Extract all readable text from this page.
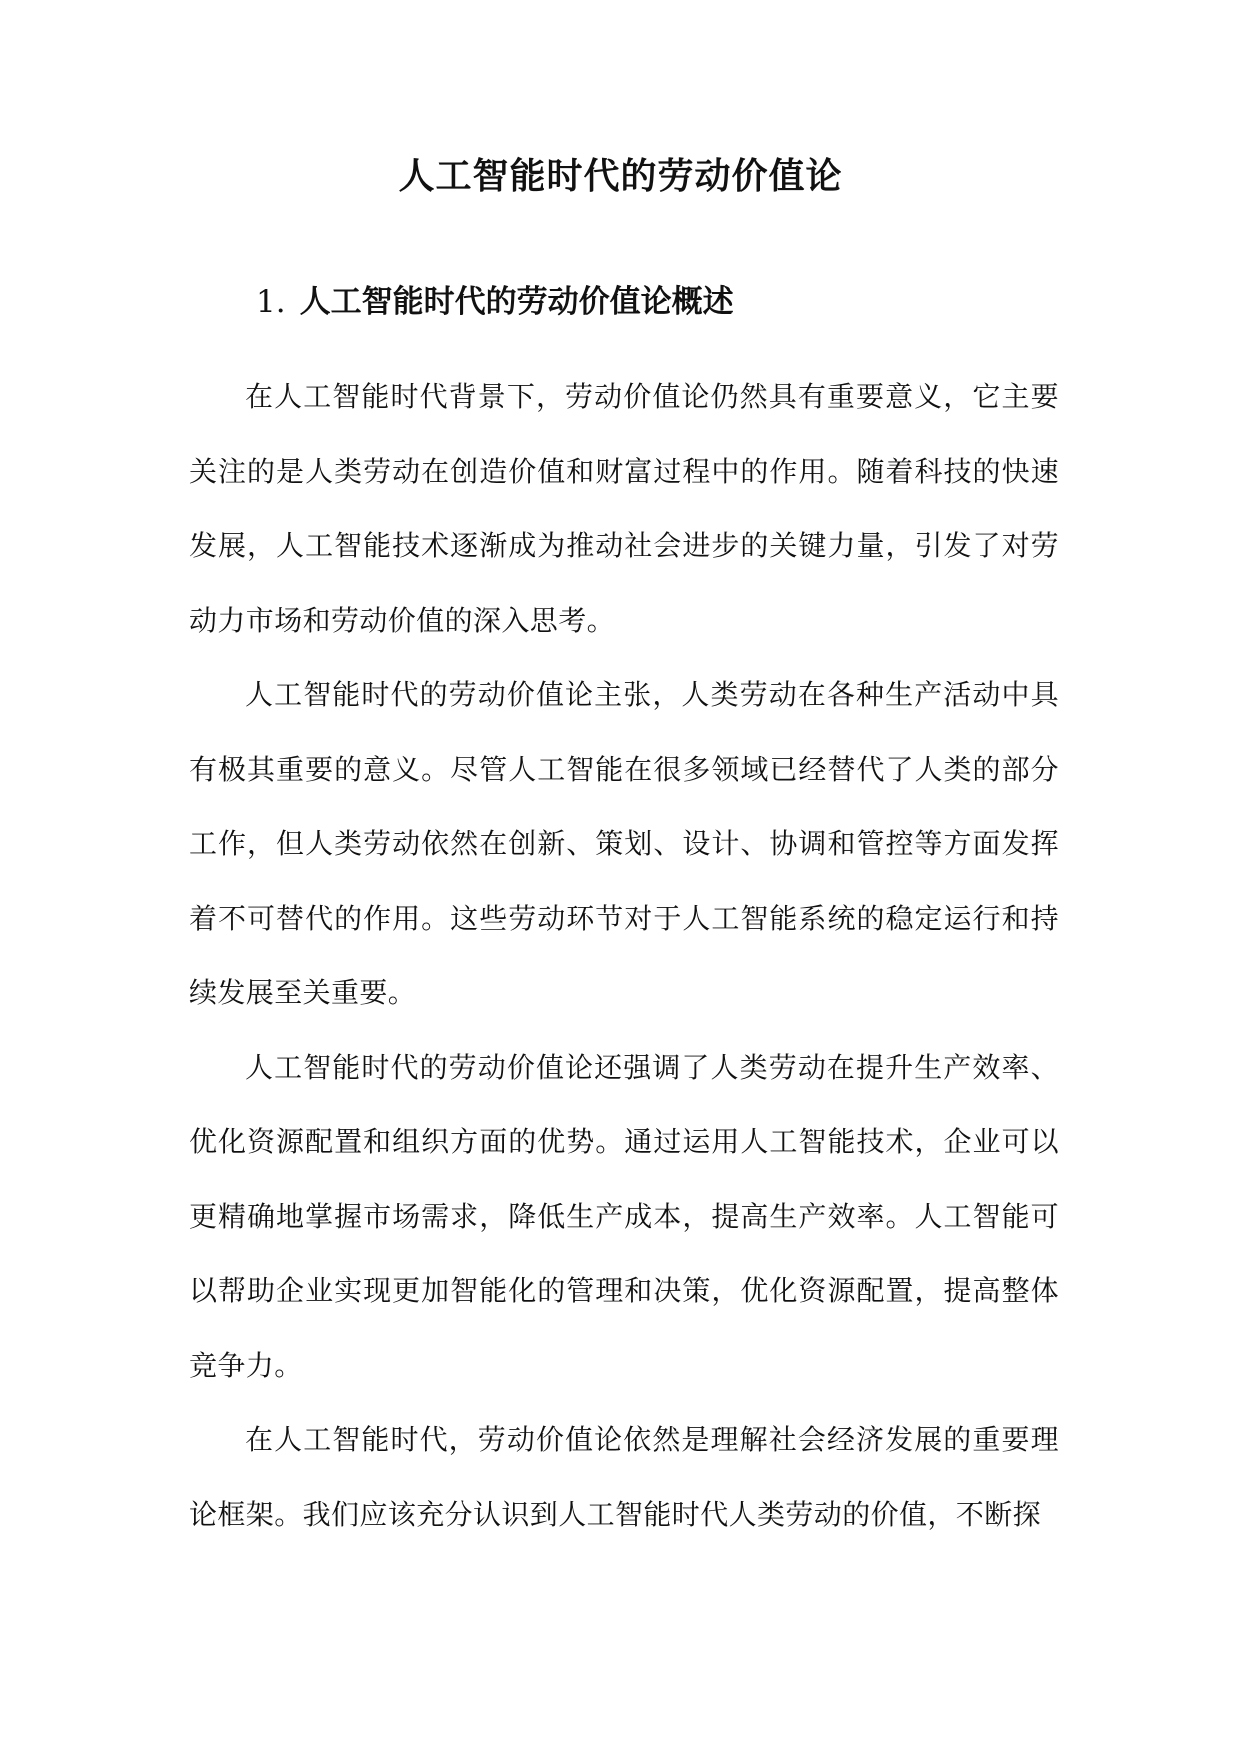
人工智能时代的劳动价值论
1. 人工智能时代的劳动价值论概述

在人工智能时代背景下，劳动价值论仍然具有重要意义，它主要关注的是人类劳动在创造价值和财富过程中的作用。随着科技的快速发展，人工智能技术逐渐成为推动社会进步的关键力量，引发了对劳动力市场和劳动价值的深入思考。

人工智能时代的劳动价值论主张，人类劳动在各种生产活动中具有极其重要的意义。尽管人工智能在很多领域已经替代了人类的部分工作，但人类劳动依然在创新、策划、设计、协调和管控等方面发挥着不可替代的作用。这些劳动环节对于人工智能系统的稳定运行和持续发展至关重要。

人工智能时代的劳动价值论还强调了人类劳动在提升生产效率、优化资源配置和组织方面的优势。通过运用人工智能技术，企业可以更精确地掌握市场需求，降低生产成本，提高生产效率。人工智能可以帮助企业实现更加智能化的管理和决策，优化资源配置，提高整体竞争力。

在人工智能时代，劳动价值论依然是理解社会经济发展的重要理论框架。我们应该充分认识到人工智能时代人类劳动的价值，不断探
